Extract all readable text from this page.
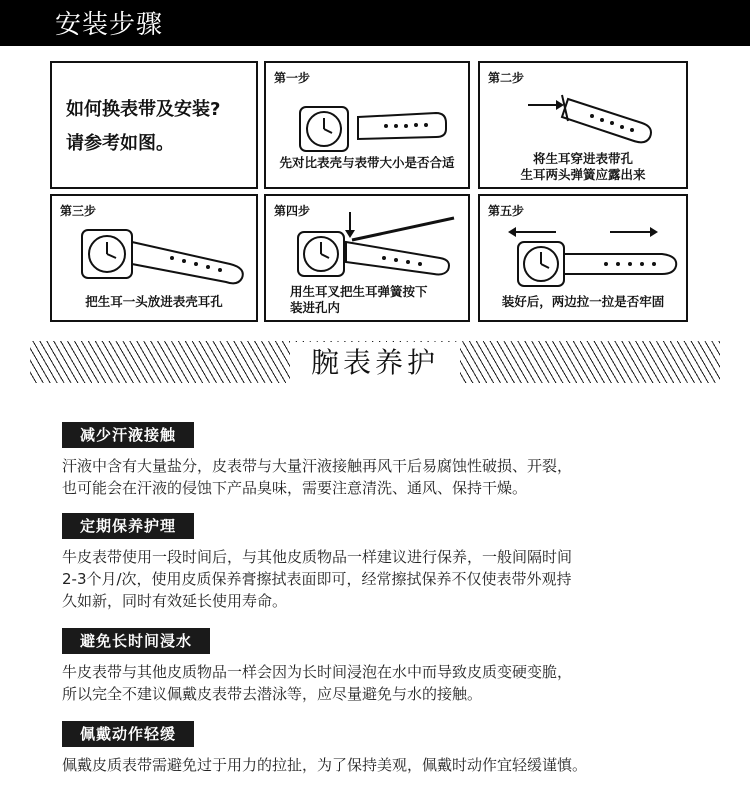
安装步骤
如何换表带及安装?
请参考如图。
第一步
先对比表壳与表带大小是否合适
第二步
将生耳穿进表带孔
生耳两头弹簧应露出来
第三步
把生耳一头放进表壳耳孔
第四步
用生耳叉把生耳弹簧按下
装进孔内
第五步
装好后，两边拉一拉是否牢固
腕表养护
减少汗液接触
汗液中含有大量盐分，皮表带与大量汗液接触再风干后易腐蚀性破损、开裂，
也可能会在汗液的侵蚀下产品臭味，需要注意清洗、通风、保持干燥。
定期保养护理
牛皮表带使用一段时间后，与其他皮质物品一样建议进行保养，一般间隔时间
2-3个月/次，使用皮质保养膏擦拭表面即可，经常擦拭保养不仅使表带外观持
久如新，同时有效延长使用寿命。
避免长时间浸水
牛皮表带与其他皮质物品一样会因为长时间浸泡在水中而导致皮质变硬变脆，
所以完全不建议佩戴皮表带去潜泳等，应尽量避免与水的接触。
佩戴动作轻缓
佩戴皮质表带需避免过于用力的拉扯，为了保持美观，佩戴时动作宜轻缓谨慎。
